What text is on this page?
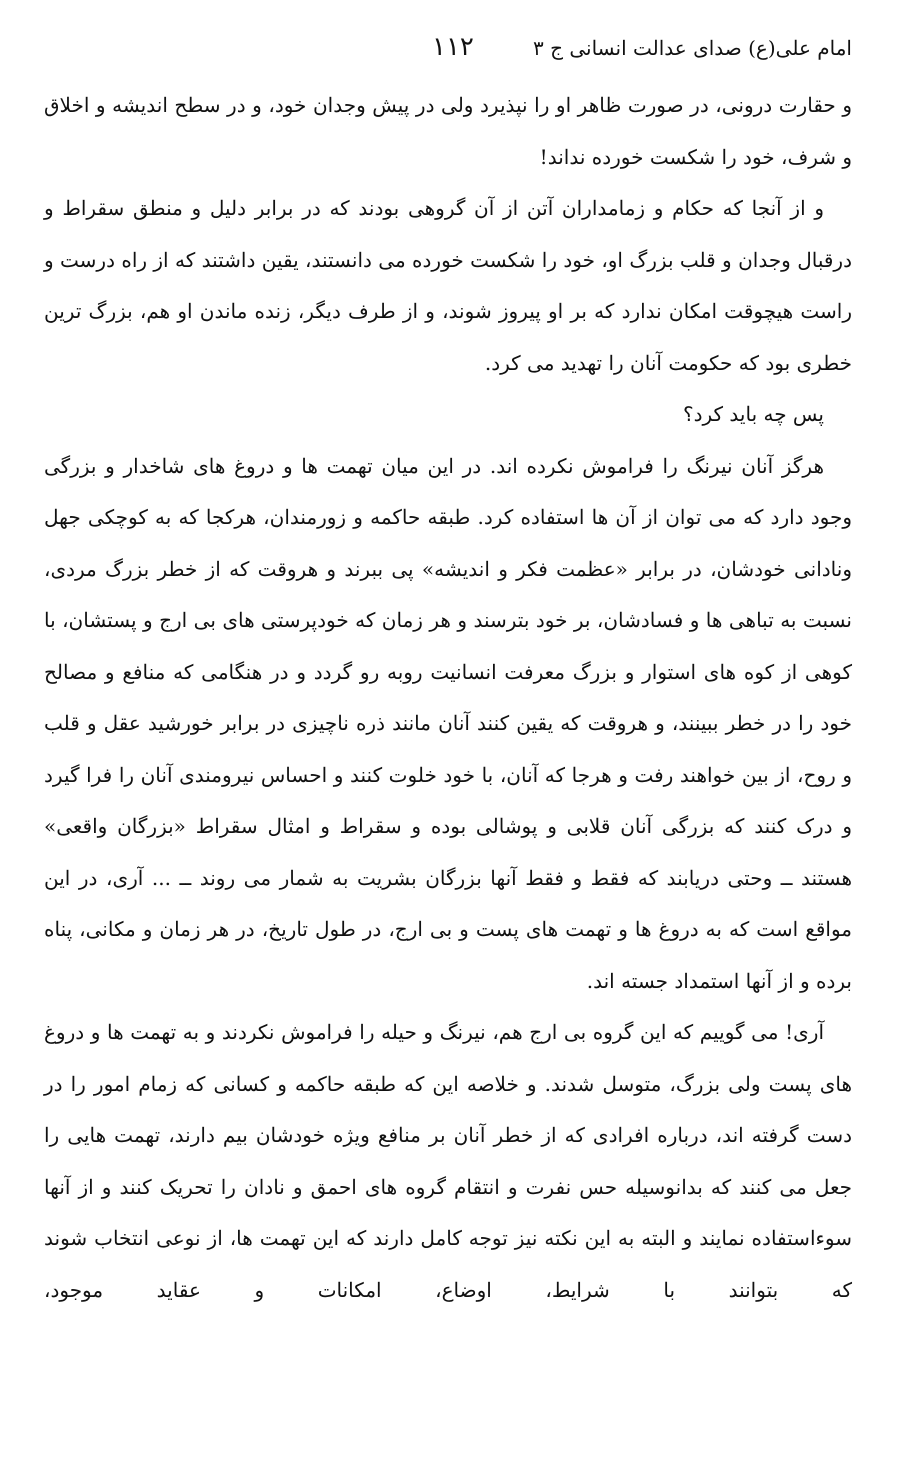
امام علی(ع) صدای عدالت انسانی ج ۳
۱۱۲

و حقارت درونی، در صورت ظاهر او را نپذیرد ولی در پیش وجدان خود، و در سطح اندیشه و اخلاق و شرف، خود را شکست خورده نداند!

و از آنجا که حکام و زمامداران آتن از آن گروهی بودند که در برابر دلیل و منطق سقراط و درقبال وجدان و قلب بزرگ او، خود را شکست خورده می دانستند، یقین داشتند که از راه درست و راست هیچوقت امکان ندارد که بر او پیروز شوند، و از طرف دیگر، زنده ماندن او هم، بزرگ ترین خطری بود که حکومت آنان را تهدید می کرد.

پس چه باید کرد؟

هرگز آنان نیرنگ را فراموش نکرده اند. در این میان تهمت ها و دروغ های شاخدار و بزرگی وجود دارد که می توان از آن ها استفاده کرد. طبقه حاکمه و زورمندان، هرکجا که به کوچکی جهل ونادانی خودشان، در برابر «عظمت فکر و اندیشه» پی ببرند و هروقت که از خطر بزرگ مردی، نسبت به تباهی ها و فسادشان، بر خود بترسند و هر زمان که خودپرستی های بی ارج و پستشان، با کوهی از کوه های استوار و بزرگ معرفت انسانیت روبه رو گردد و در هنگامی که منافع و مصالح خود را در خطر ببینند، و هروقت که یقین کنند آنان مانند ذره ناچیزی در برابر خورشید عقل و قلب و روح، از بین خواهند رفت و هرجا که آنان، با خود خلوت کنند و احساس نیرومندی آنان را فرا گیرد و درک کنند که بزرگی آنان قلابی و پوشالی بوده و سقراط و امثال سقراط «بزرگان واقعی» هستند ــ وحتی دریابند که فقط و فقط آنها بزرگان بشریت به شمار می روند ــ ... آری، در این مواقع است که به دروغ ها و تهمت های پست و بی ارج، در طول تاریخ، در هر زمان و مکانی، پناه برده و از آنها استمداد جسته اند.

آری! می گوییم که این گروه بی ارج هم، نیرنگ و حیله را فراموش نکردند و به تهمت ها و دروغ های پست ولی بزرگ، متوسل شدند. و خلاصه این که طبقه حاکمه و کسانی که زمام امور را در دست گرفته اند، درباره افرادی که از خطر آنان بر منافع ویژه خودشان بیم دارند، تهمت هایی را جعل می کنند که بدانوسیله حس نفرت و انتقام گروه های احمق و نادان را تحریک کنند و از آنها سوءاستفاده نمایند و البته به این نکته نیز توجه کامل دارند که این تهمت ها، از نوعی انتخاب شوند که بتوانند با شرایط، اوضاع، امکانات و عقاید موجود،
